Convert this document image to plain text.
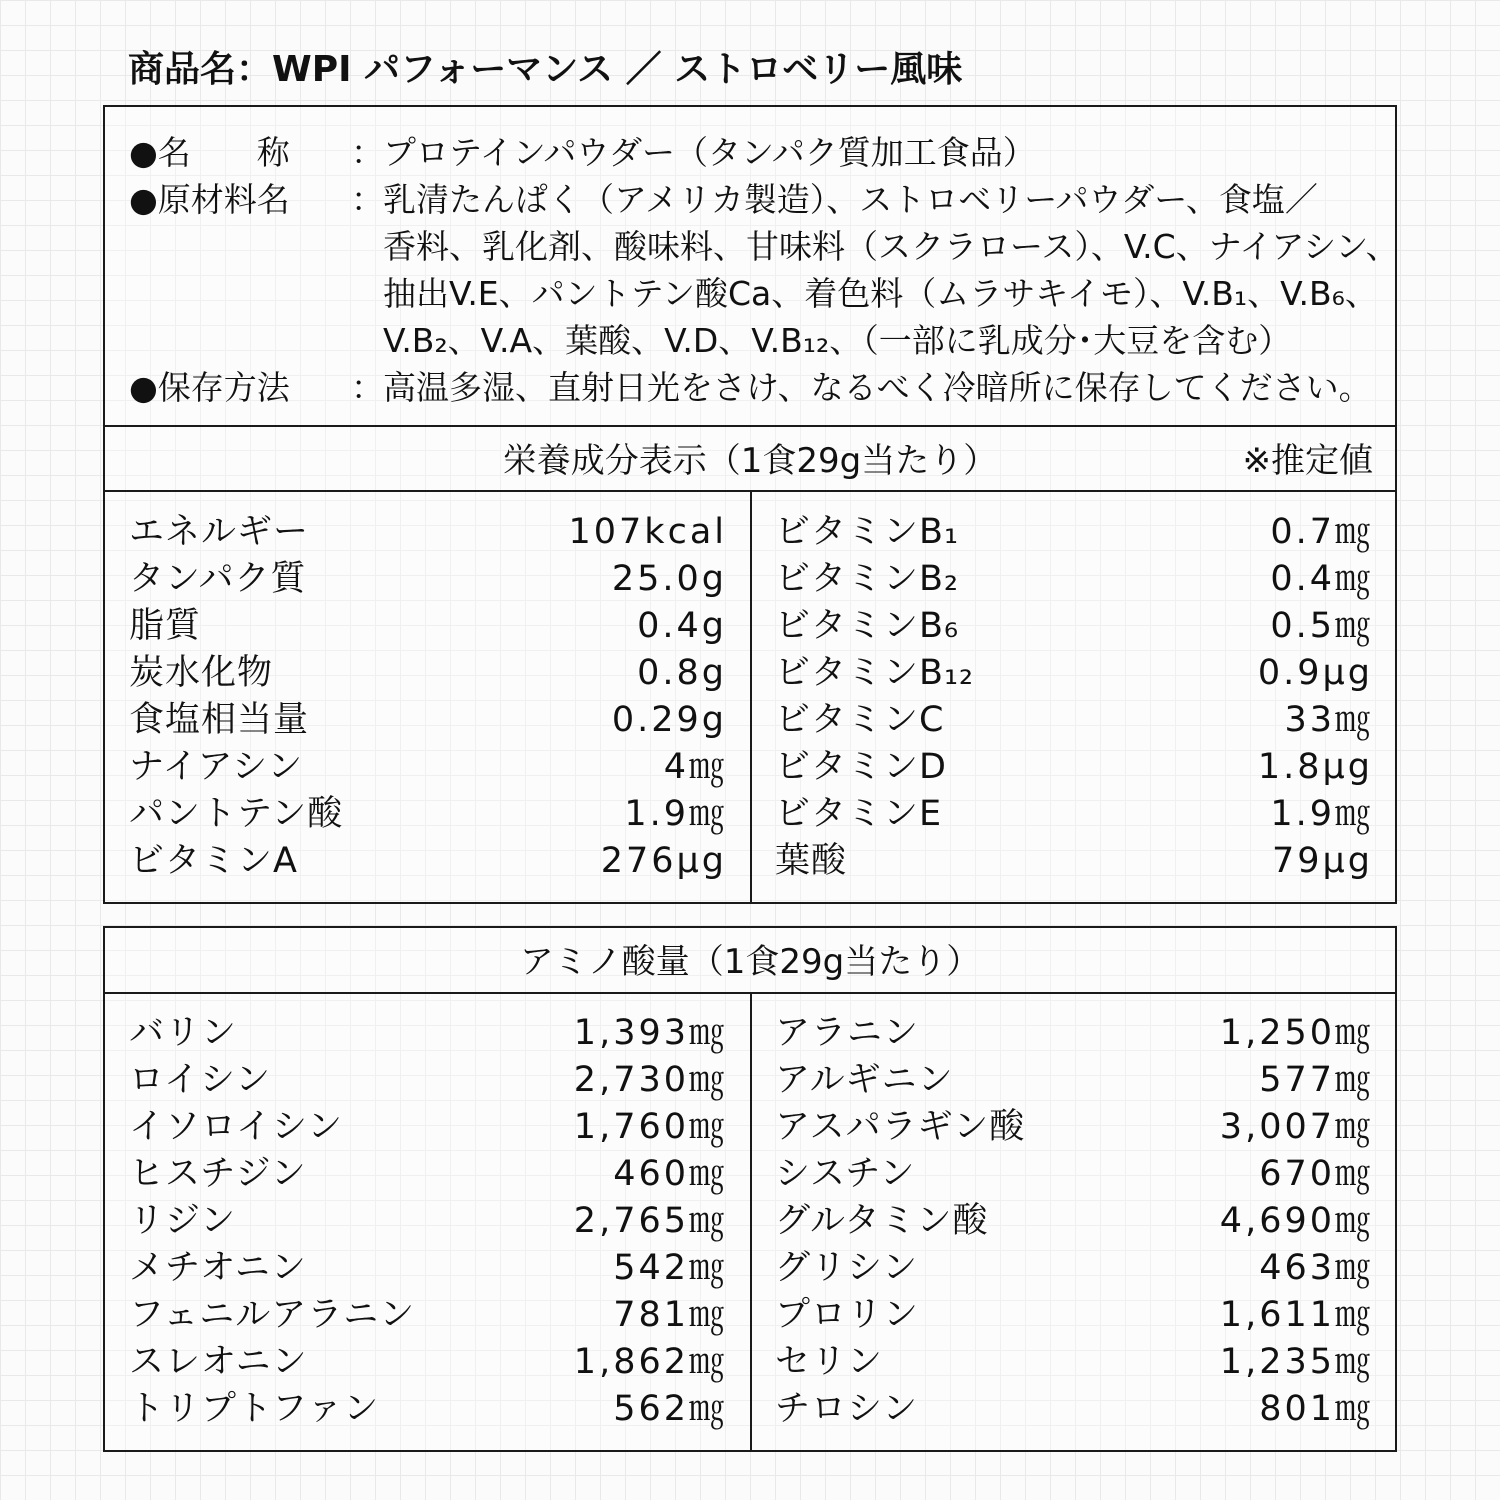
商品名：WPI パフォーマンス ／ ストロベリー風味
●名　　称	： プロテインパウダー（タンパク質加工食品）
●原材料名	： 乳清たんぱく（アメリカ製造）、ストロベリーパウダー、食塩／
香料、乳化剤、酸味料、甘味料（スクラロース）、V.C、ナイアシン、
抽出V.E、パントテン酸Ca、着色料（ムラサキイモ）、V.B₁、V.B₆、
V.B₂、V.A、葉酸、V.D、V.B₁₂、（一部に乳成分･大豆を含む）
●保存方法	： 高温多湿、直射日光をさけ、なるべく冷暗所に保存してください。
栄養成分表示（1食29g当たり）	※推定値
エネルギー	107kcal
タンパク質	25.0g
脂質	0.4g
炭水化物	0.8g
食塩相当量	0.29g
ナイアシン	4㎎
パントテン酸	1.9㎎
ビタミンA	276μg
ビタミンB₁	0.7㎎
ビタミンB₂	0.4㎎
ビタミンB₆	0.5㎎
ビタミンB₁₂	0.9μg
ビタミンC	33㎎
ビタミンD	1.8μg
ビタミンE	1.9㎎
葉酸	79μg
アミノ酸量（1食29g当たり）
バリン	1,393㎎
ロイシン	2,730㎎
イソロイシン	1,760㎎
ヒスチジン	460㎎
リジン	2,765㎎
メチオニン	542㎎
フェニルアラニン	781㎎
スレオニン	1,862㎎
トリプトファン	562㎎
アラニン	1,250㎎
アルギニン	577㎎
アスパラギン酸	3,007㎎
シスチン	670㎎
グルタミン酸	4,690㎎
グリシン	463㎎
プロリン	1,611㎎
セリン	1,235㎎
チロシン	801㎎
